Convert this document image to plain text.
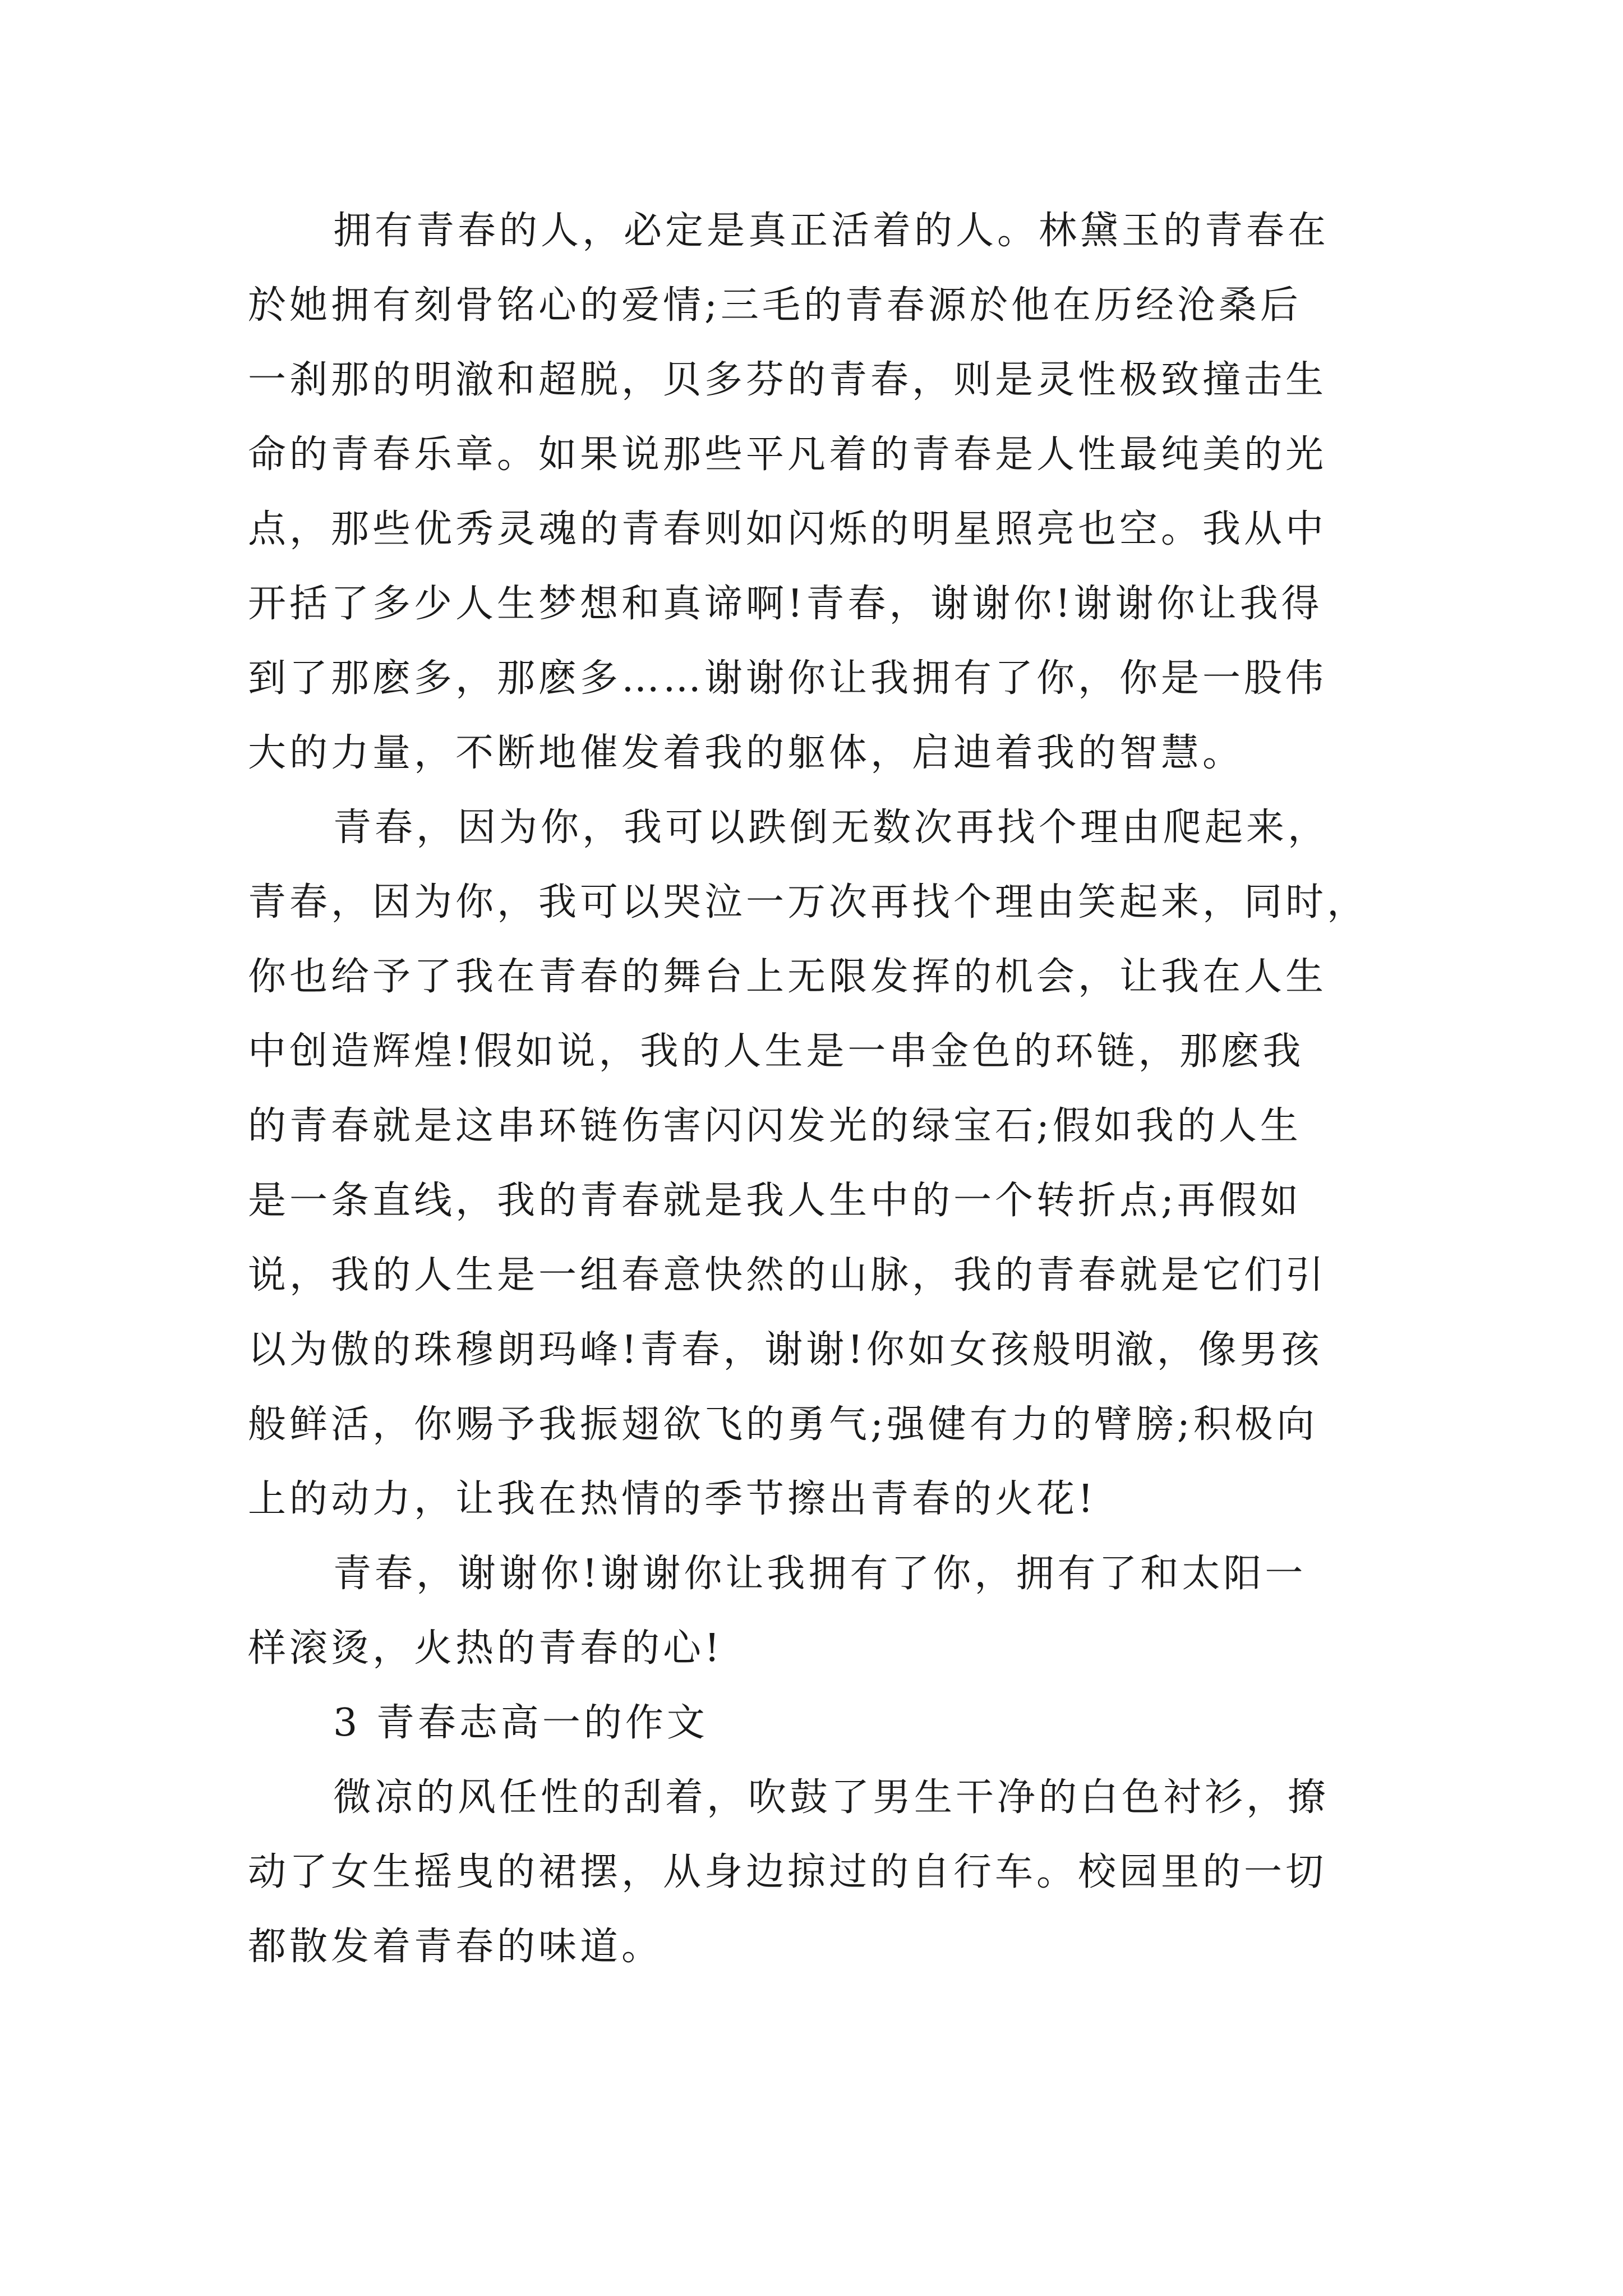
拥有青春的人，必定是真正活着的人。林黛玉的青春在
於她拥有刻骨铭心的爱情;三毛的青春源於他在历经沧桑后
一刹那的明澈和超脱，贝多芬的青春，则是灵性极致撞击生
命的青春乐章。如果说那些平凡着的青春是人性最纯美的光
点，那些优秀灵魂的青春则如闪烁的明星照亮也空。我从中
开括了多少人生梦想和真谛啊!青春，谢谢你!谢谢你让我得
到了那麽多，那麽多……谢谢你让我拥有了你，你是一股伟
大的力量，不断地催发着我的躯体，启迪着我的智慧。
青春，因为你，我可以跌倒无数次再找个理由爬起来，
青春，因为你，我可以哭泣一万次再找个理由笑起来，同时，
你也给予了我在青春的舞台上无限发挥的机会，让我在人生
中创造辉煌!假如说，我的人生是一串金色的环链，那麽我
的青春就是这串环链伤害闪闪发光的绿宝石;假如我的人生
是一条直线，我的青春就是我人生中的一个转折点;再假如
说，我的人生是一组春意快然的山脉，我的青春就是它们引
以为傲的珠穆朗玛峰!青春，谢谢!你如女孩般明澈，像男孩
般鲜活，你赐予我振翅欲飞的勇气;强健有力的臂膀;积极向
上的动力，让我在热情的季节擦出青春的火花!
青春，谢谢你!谢谢你让我拥有了你，拥有了和太阳一
样滚烫，火热的青春的心!
3 青春志高一的作文
微凉的风任性的刮着，吹鼓了男生干净的白色衬衫，撩
动了女生摇曳的裙摆，从身边掠过的自行车。校园里的一切
都散发着青春的味道。
